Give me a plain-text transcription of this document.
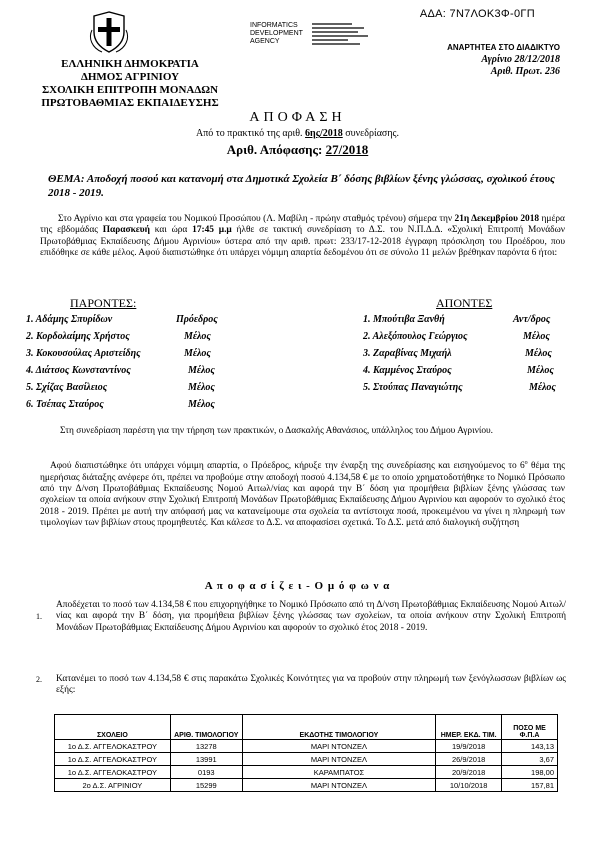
ΑΔΑ: 7Ν7ΛΟΚ3Φ-0ΓΠ
ΕΛΛΗΝΙΚΗ ΔΗΜΟΚΡΑΤΙΑ
ΔΗΜΟΣ ΑΓΡΙΝΙΟΥ
ΣΧΟΛΙΚΗ ΕΠΙΤΡΟΠΗ ΜΟΝΑΔΩΝ
ΠΡΩΤΟΒΑΘΜΙΑΣ ΕΚΠΑΙΔΕΥΣΗΣ
INFORMATICS
DEVELOPMENT
AGENCY
ΑΝΑΡΤΗΤΕΑ ΣΤΟ ΔΙΑΔΙΚΤΥΟ
Αγρίνιο 28/12/2018
Αριθ. Πρωτ. 236
ΑΠΟΦΑΣΗ
Από το πρακτικό της αριθ. 6ης/2018 συνεδρίασης.
Αριθ. Απόφασης: 27/2018
ΘΕΜΑ: Αποδοχή ποσού και κατανομή στα Δημοτικά Σχολεία Β΄ δόσης βιβλίων ξένης γλώσσας, σχολικού έτους 2018 - 2019.

Στο Αγρίνιο και στα γραφεία του Νομικού Προσώπου (Λ. Μαβίλη - πρώην σταθμός τρένου) σήμερα την 21η Δεκεμβρίου 2018 ημέρα της εβδομάδας Παρασκευή και ώρα 17:45 μ.μ ήλθε σε τακτική συνεδρίαση το Δ.Σ. του Ν.Π.Δ.Δ. «Σχολική Επιτροπή Μονάδων Πρωτοβάθμιας Εκπαίδευσης Δήμου Αγρινίου» ύστερα από την αριθ. πρωτ: 233/17-12-2018 έγγραφη πρόσκληση του Προέδρου, που επιδόθηκε σε κάθε μέλος. Αφού διαπιστώθηκε ότι υπάρχει νόμιμη απαρτία δεδομένου ότι σε σύνολο 11 μελών βρέθηκαν παρόντα 6 ήτοι:

ΠΑΡΟΝΤΕΣ:	ΑΠΟΝΤΕΣ
1. Αδάμης Σπυρίδων	Πρόεδρος
2. Κορδολαίμης Χρήστος	Μέλος
3. Κοκουσούλας Αριστείδης	Μέλος
4. Διάτσος Κωνσταντίνος	Μέλος
5. Σχίζας Βασίλειος	Μέλος
6. Τσέπας Σταύρος	Μέλος
1. Μπούτιβα Ξανθή	Αντ/δρος
2. Αλεξόπουλος Γεώργιος	Μέλος
3. Ζαραβίνας Μιχαήλ	Μέλος
4. Καμμένος Σταύρος	Μέλος
5. Στούπας Παναγιώτης	Μέλος

Στη συνεδρίαση παρέστη για την τήρηση των πρακτικών, ο Δασκαλής Αθανάσιος, υπάλληλος του Δήμου Αγρινίου.

Αφού διαπιστώθηκε ότι υπάρχει νόμιμη απαρτία, ο Πρόεδρος, κήρυξε την έναρξη της συνεδρίασης και εισηγούμενος το $6^o$ θέμα της ημερήσιας διάταξης ανέφερε ότι, πρέπει να προβούμε στην αποδοχή ποσού 4.134,58 € με το οποίο χρηματοδοτήθηκε το Νομικό Πρόσωπο από την Δ/νση Πρωτοβάθμιας Εκπαίδευσης Νομού Αιτωλ/νίας και αφορά την Β΄ δόση για προμήθεια βιβλίων ξένης γλώσσας των σχολείων τα οποία ανήκουν στην Σχολική Επιτροπή Μονάδων Πρωτοβάθμιας Εκπαίδευσης Δήμου Αγρινίου και αφορούν το σχολικό έτος 2018 - 2019. Πρέπει με αυτή την απόφασή μας να κατανείμουμε στα σχολεία τα αντίστοιχα ποσά, προκειμένου να γίνει η πληρωμή των τιμολογίων των βιβλίων στους προμηθευτές. Και κάλεσε το Δ.Σ. να αποφασίσει σχετικά. Το Δ.Σ. μετά από διαλογική συζήτηση

Α π ο φ α σ ί ζ ε ι - Ο μ ό φ ω ν α
1.

Αποδέχεται το ποσό των 4.134,58 € που επιχορηγήθηκε το Νομικό Πρόσωπο από τη Δ/νση Πρωτοβάθμιας Εκπαίδευσης Νομού Αιτωλ/νίας και αφορά την Β΄ δόση, για προμήθεια βιβλίων ξένης γλώσσας των σχολείων, τα οποία ανήκουν στην Σχολική Επιτροπή Μονάδων Πρωτοβάθμιας Εκπαίδευσης Δήμου Αγρινίου και αφορούν το σχολικό έτος 2018 - 2019.

2. Κατανέμει το ποσό των 4.134,58 € στις παρακάτω Σχολικές Κοινότητες για να προβούν στην πληρωμή των ξενόγλωσσων βιβλίων ως εξής:

ΣΧΟΛΕΙΟ	ΑΡΙΘ. ΤΙΜΟΛΟΓΙΟΥ	ΕΚΔΟΤΗΣ ΤΙΜΟΛΟΓΙΟΥ	ΗΜΕΡ. ΕΚΔ. ΤΙΜ.	ΠΟΣΟ ΜΕ Φ.Π.Α
1ο Δ.Σ. ΑΓΓΕΛΟΚΑΣΤΡΟΥ	13278	ΜΑΡΙ ΝΤΟΝΖΕΛ	19/9/2018	143,13
1ο Δ.Σ. ΑΓΓΕΛΟΚΑΣΤΡΟΥ	13991	ΜΑΡΙ ΝΤΟΝΖΕΛ	26/9/2018	3,67
1ο Δ.Σ. ΑΓΓΕΛΟΚΑΣΤΡΟΥ	0193	ΚΑΡΑΜΠΑΤΟΣ	20/9/2018	198,00
2ο Δ.Σ. ΑΓΡΙΝΙΟΥ	15299	ΜΑΡΙ ΝΤΟΝΖΕΛ	10/10/2018	157,81
